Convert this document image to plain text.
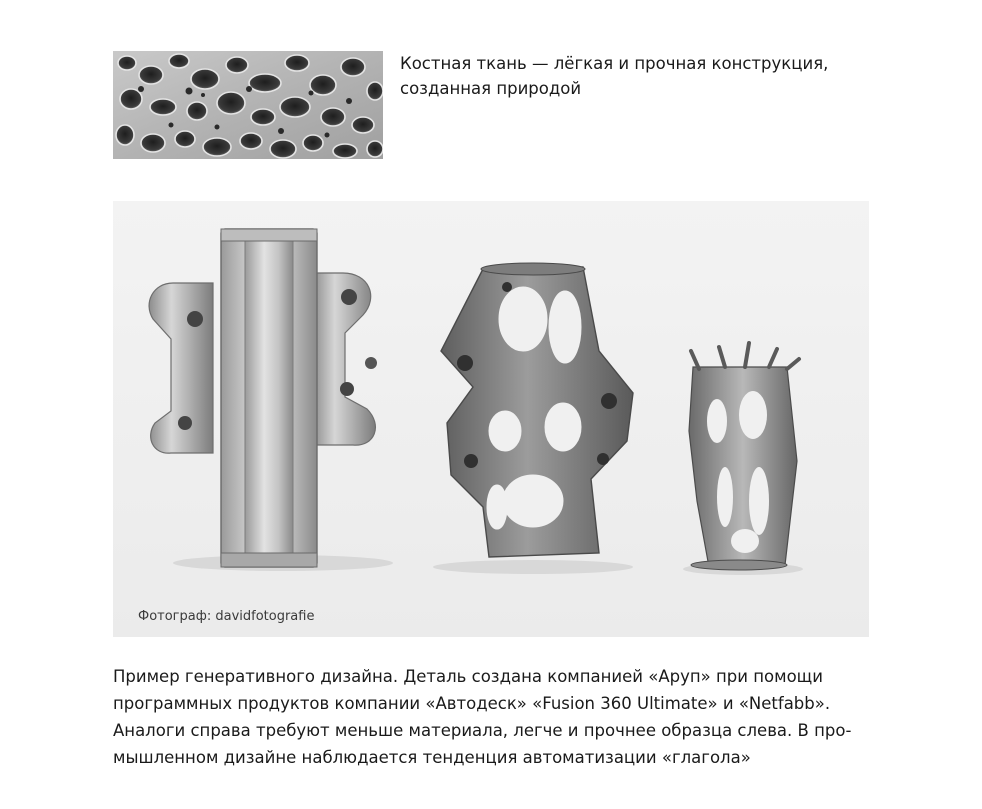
Костная ткань — лёгкая и прочная конструкция,
созданная природой
Фотограф: davidfotografie
Пример генеративного дизайна. Деталь создана компанией «Аруп» при помощи
программных продуктов компании «Автодеск» «Fusion 360 Ultimate» и «Netfabb».
Аналоги справа требуют меньше материала, легче и прочнее образца слева. В про-
мышленном дизайне наблюдается тенденция автоматизации «глагола»
